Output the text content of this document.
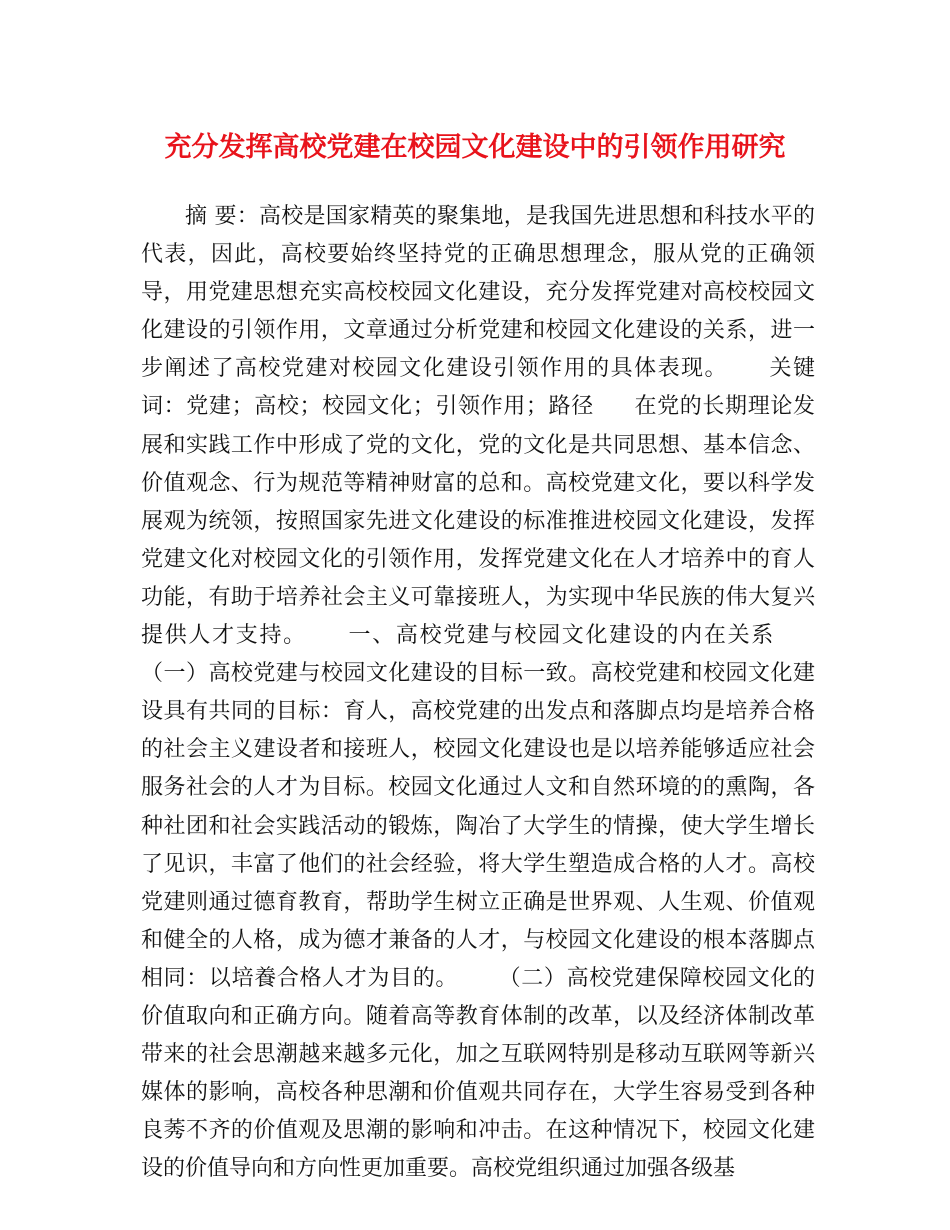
充分发挥高校党建在校园文化建设中的引领作用研究

摘 要：高校是国家精英的聚集地，是我国先进思想和科技水平的代表，因此，高校要始终坚持党的正确思想理念，服从党的正确领导，用党建思想充实高校校园文化建设，充分发挥党建对高校校园文化建设的引领作用，文章通过分析党建和校园文化建设的关系，进一步阐述了高校党建对校园文化建设引领作用的具体表现。 关键词：党建；高校；校园文化；引领作用；路径 在党的长期理论发展和实践工作中形成了党的文化，党的文化是共同思想、基本信念、价值观念、行为规范等精神财富的总和。高校党建文化，要以科学发展观为统领，按照国家先进文化建设的标准推进校园文化建设，发挥党建文化对校园文化的引领作用，发挥党建文化在人才培养中的育人功能，有助于培养社会主义可靠接班人，为实现中华民族的伟大复兴提供人才支持。 一、高校党建与校园文化建设的内在关系（一）高校党建与校园文化建设的目标一致。高校党建和校园文化建设具有共同的目标：育人，高校党建的出发点和落脚点均是培养合格的社会主义建设者和接班人，校园文化建设也是以培养能够适应社会服务社会的人才为目标。校园文化通过人文和自然环境的的熏陶，各种社团和社会实践活动的锻炼，陶冶了大学生的情操，使大学生增长了见识，丰富了他们的社会经验，将大学生塑造成合格的人才。高校党建则通过德育教育，帮助学生树立正确是世界观、人生观、价值观和健全的人格，成为德才兼备的人才，与校园文化建设的根本落脚点相同：以培養合格人才为目的。 （二）高校党建保障校园文化的价值取向和正确方向。随着高等教育体制的改革，以及经济体制改革带来的社会思潮越来越多元化，加之互联网特别是移动互联网等新兴媒体的影响，高校各种思潮和价值观共同存在，大学生容易受到各种良莠不齐的价值观及思潮的影响和冲击。在这种情况下，校园文化建设的价值导向和方向性更加重要。高校党组织通过加强各级基
